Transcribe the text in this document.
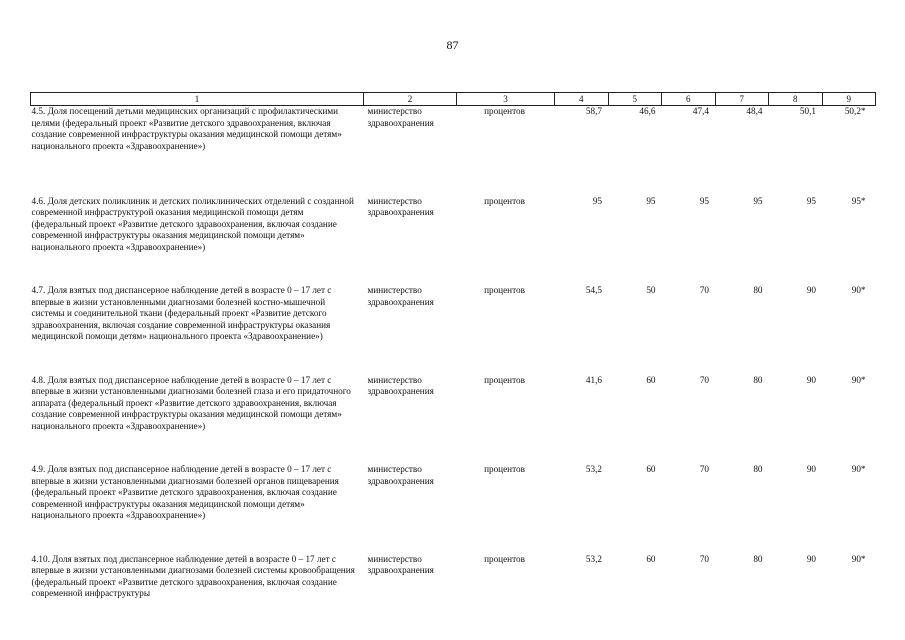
87
1	2	3	4	5	6	7	8	9
4.5. Доля посещений детьми медицинских организаций с профилактическими целями (федеральный проект «Развитие детского здравоохранения, включая создание современной инфраструктуры оказания медицинской помощи детям» национального проекта «Здравоохранение»)	министерство здравоохранения	процентов	58,7	46,6	47,4	48,4	50,1	50,2*
4.6. Доля детских поликлиник и детских поликлинических отделений с созданной современной инфраструктурой оказания медицинской помощи детям (федеральный проект «Развитие детского здравоохранения, включая создание современной инфраструктуры оказания медицинской помощи детям» национального проекта «Здравоохранение»)	министерство здравоохранения	процентов	95	95	95	95	95	95*
4.7. Доля взятых под диспансерное наблюдение детей в возрасте 0 – 17 лет с впервые в жизни установленными диагнозами болезней костно-мышечной системы и соединительной ткани (федеральный проект «Развитие детского здравоохранения, включая создание современной инфраструктуры оказания медицинской помощи детям» национального проекта «Здравоохранение»)	министерство здравоохранения	процентов	54,5	50	70	80	90	90*
4.8. Доля взятых под диспансерное наблюдение детей в возрасте 0 – 17 лет с впервые в жизни установленными диагнозами болезней глаза и его придаточного аппарата (федеральный проект «Развитие детского здравоохранения, включая создание современной инфраструктуры оказания медицинской помощи детям» национального проекта «Здравоохранение»)	министерство здравоохранения	процентов	41,6	60	70	80	90	90*
4.9. Доля взятых под диспансерное наблюдение детей в возрасте 0 – 17 лет с впервые в жизни установленными диагнозами болезней органов пищеварения (федеральный проект «Развитие детского здравоохранения, включая создание современной инфраструктуры оказания медицинской помощи детям» национального проекта «Здравоохранение»)	министерство здравоохранения	процентов	53,2	60	70	80	90	90*
4.10. Доля взятых под диспансерное наблюдение детей в возрасте 0 – 17 лет с впервые в жизни установленными диагнозами болезней системы кровообращения (федеральный проект «Развитие детского здравоохранения, включая создание современной инфраструктуры	министерство здравоохранения	процентов	53,2	60	70	80	90	90*
